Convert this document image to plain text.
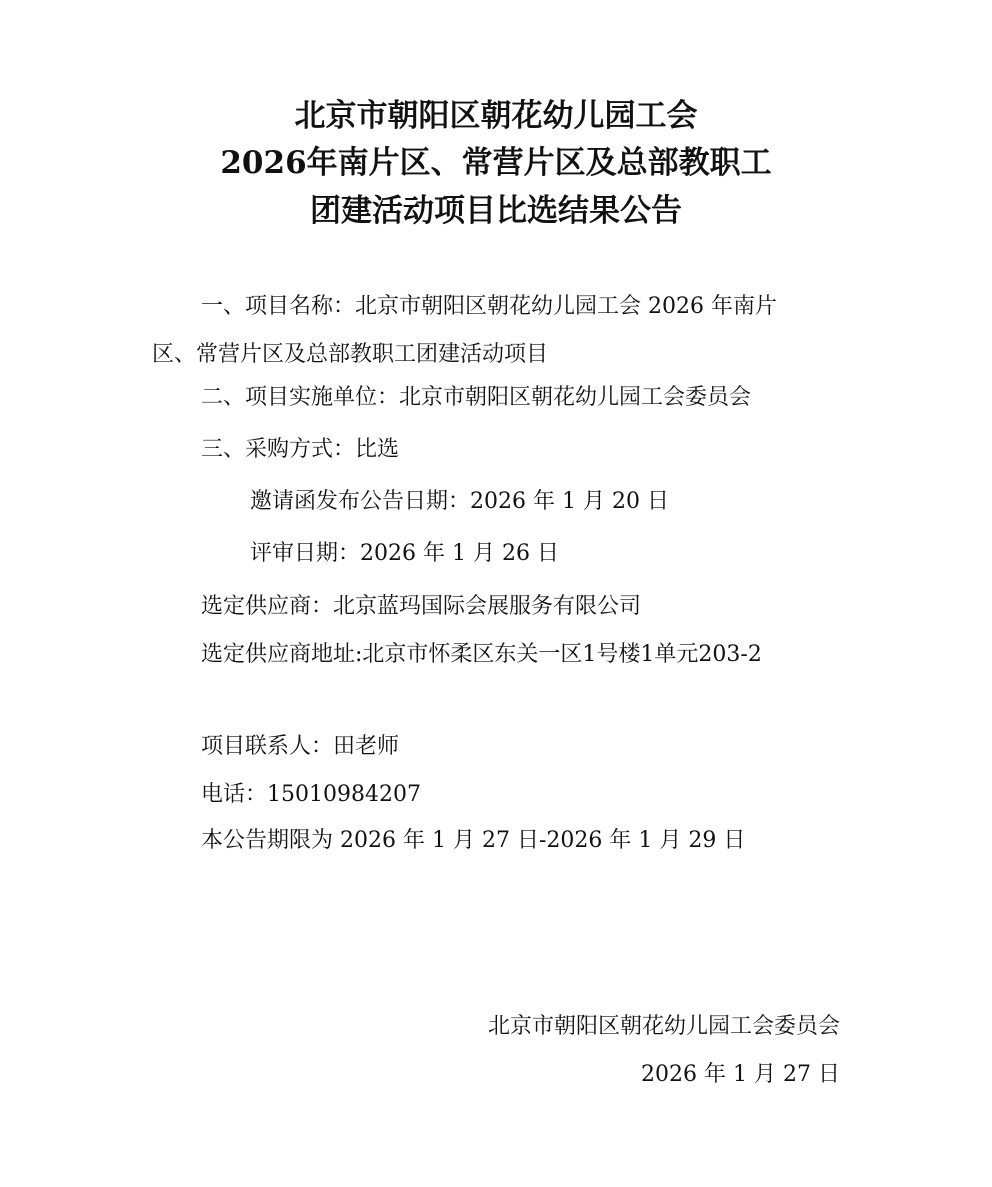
北京市朝阳区朝花幼儿园工会
2026年南片区、常营片区及总部教职工
团建活动项目比选结果公告
一、项目名称：北京市朝阳区朝花幼儿园工会 2026 年南片
区、常营片区及总部教职工团建活动项目
二、项目实施单位：北京市朝阳区朝花幼儿园工会委员会
三、采购方式：比选
邀请函发布公告日期：2026 年 1 月 20 日
评审日期：2026 年 1 月 26 日
选定供应商：北京蓝玛国际会展服务有限公司
选定供应商地址:北京市怀柔区东关一区1号楼1单元203-2
项目联系人：田老师
电话：15010984207
本公告期限为 2026 年 1 月 27 日-2026 年 1 月 29 日
北京市朝阳区朝花幼儿园工会委员会
2026 年 1 月 27 日
